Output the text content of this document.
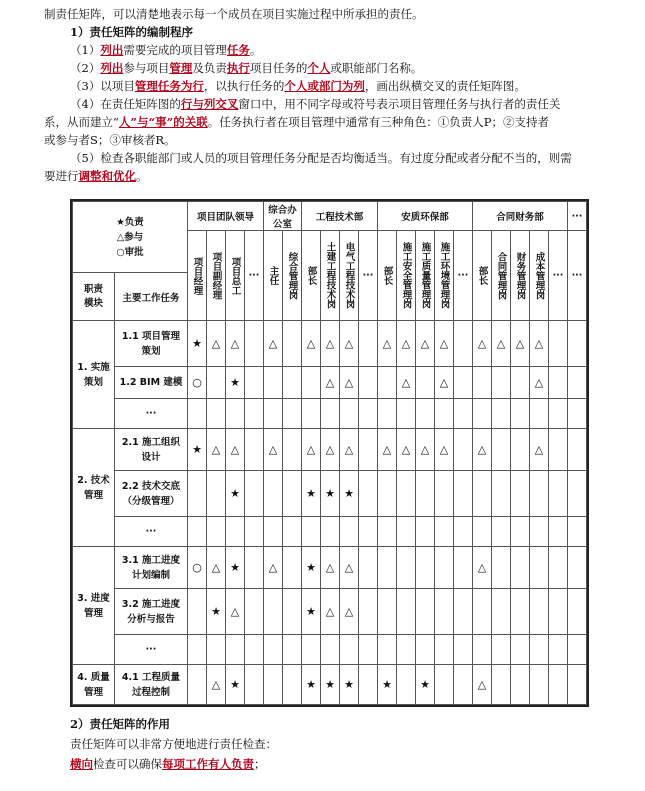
制责任矩阵，可以清楚地表示每一个成员在项目实施过程中所承担的责任。
1）责任矩阵的编制程序
（1）列出需要完成的项目管理任务。
（2）列出参与项目管理及负责执行项目任务的个人或职能部门名称。
（3）以项目管理任务为行，以执行任务的个人或部门为列，画出纵横交叉的责任矩阵图。
（4）在责任矩阵图的行与列交叉窗口中，用不同字母或符号表示项目管理任务与执行者的责任关
系，从而建立“人”与“事”的关联。任务执行者在项目管理中通常有三种角色：①负责人P；②支持者
或参与者S；③审核者R。
（5）检查各职能部门或人员的项目管理任务分配是否均衡适当。有过度分配或者分配不当的，则需
要进行调整和优化。
★负责
△参与
○审批		项目团队领导				综合办公室		工程技术部				安质环保部					合同财务部					···

		项目经理	项目副经理	项目总工	···	主任	综合管理岗	部长	土建工程技术岗	电气工程技术岗	···	部长	施工安全管理岗	施工质量管理岗	施工环境管理岗	···	部长	合同管理岗	财务管理岗	成本管理岗	···	···

职责模块	主要工作任务																					
1. 实施策划	1.1 项目管理策划	★	△	△		△		△	△	△		△	△	△	△		△	△	△	△		
	1.2 BIM 建模	○		★					△	△			△		△					△		
	···																					
2. 技术管理	2.1 施工组织设计	★	△	△		△		△	△	△		△	△	△	△		△			△		
	2.2 技术交底（分级管理）			★				★	★	★												
	···																					
3. 进度管理	3.1 施工进度计划编制	○	△	★		△		★	△	△							△					
	3.2 施工进度分析与报告		★	△				★	△	△												
	···																					
4. 质量管理	4.1 工程质量过程控制		△	★				★	★	★		★		★			△					
2）责任矩阵的作用
责任矩阵可以非常方便地进行责任检查：
横向检查可以确保每项工作有人负责；
